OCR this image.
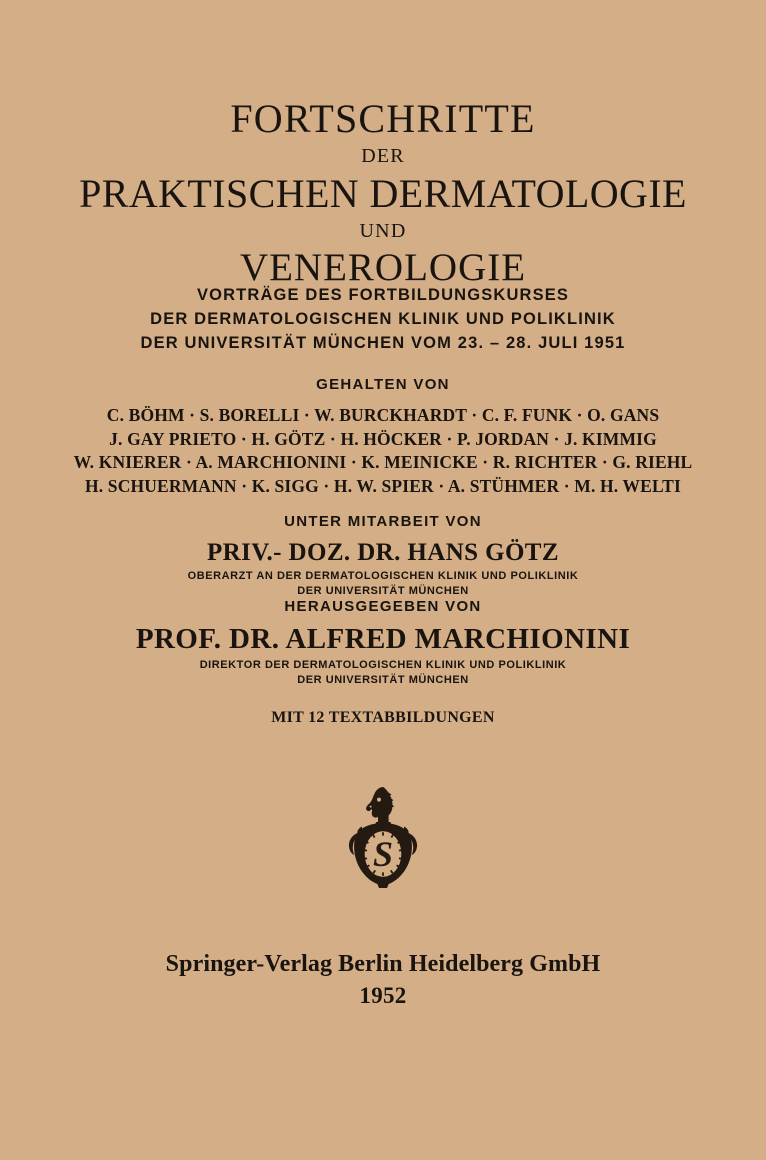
FORTSCHRITTE
DER
PRAKTISCHEN DERMATOLOGIE
UND
VENEROLOGIE
VORTRÄGE DES FORTBILDUNGSKURSES
DER DERMATOLOGISCHEN KLINIK UND POLIKLINIK
DER UNIVERSITÄT MÜNCHEN VOM 23. – 28. JULI 1951
GEHALTEN VON
C. BÖHM · S. BORELLI · W. BURCKHARDT · C. F. FUNK · O. GANS
J. GAY PRIETO · H. GÖTZ · H. HÖCKER · P. JORDAN · J. KIMMIG
W. KNIERER · A. MARCHIONINI · K. MEINICKE · R. RICHTER · G. RIEHL
H. SCHUERMANN · K. SIGG · H. W. SPIER · A. STÜHMER · M. H. WELTI
UNTER MITARBEIT VON
PRIV.- DOZ. DR. HANS GÖTZ
OBERARZT AN DER DERMATOLOGISCHEN KLINIK UND POLIKLINIK
DER UNIVERSITÄT MÜNCHEN
HERAUSGEGEBEN VON
PROF. DR. ALFRED MARCHIONINI
DIREKTOR DER DERMATOLOGISCHEN KLINIK UND POLIKLINIK
DER UNIVERSITÄT MÜNCHEN
MIT 12 TEXTABBILDUNGEN
S
Springer-Verlag Berlin Heidelberg GmbH
1952
